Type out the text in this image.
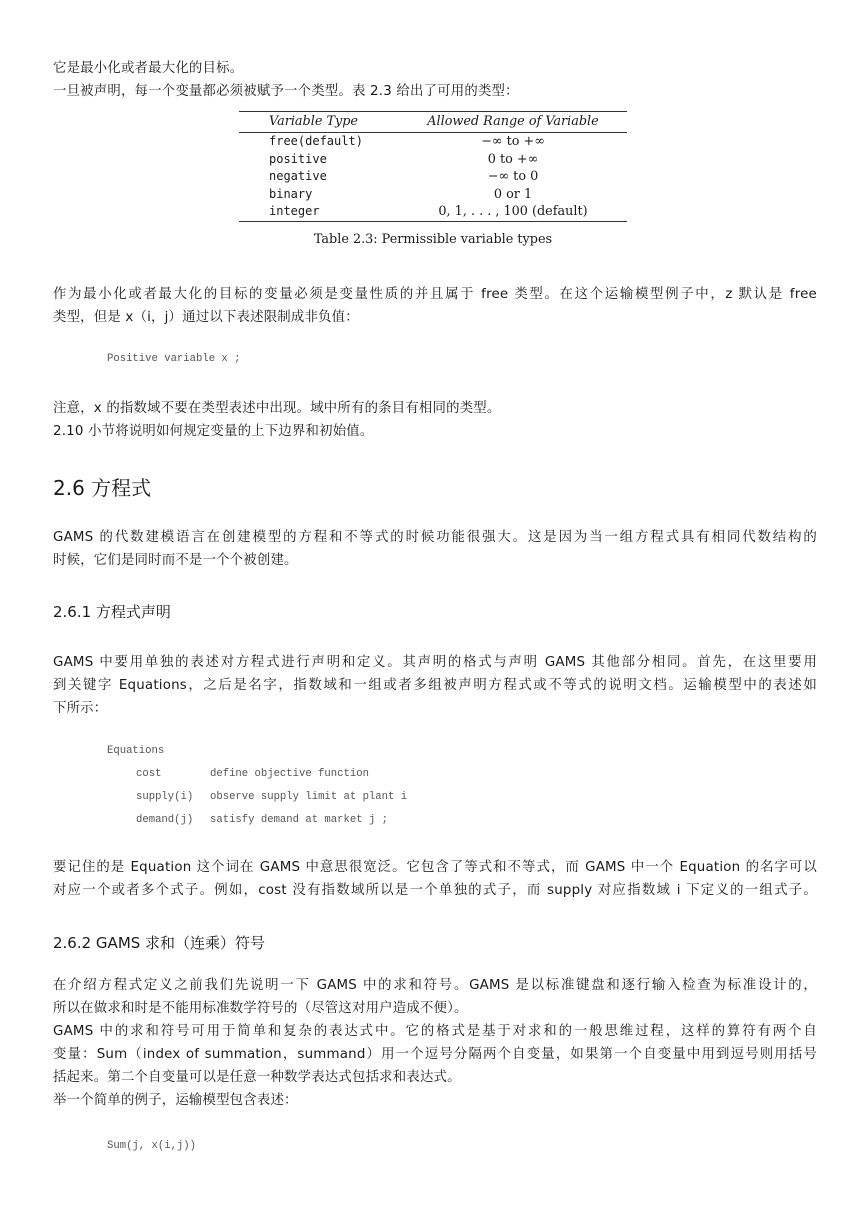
它是最小化或者最大化的目标。
一旦被声明，每一个变量都必须被赋予一个类型。表 2.3 给出了可用的类型：
Variable Type	Allowed Range of Variable
free(default)	−∞ to +∞
positive	0 to +∞
negative	−∞ to 0
binary	0 or 1
integer	0, 1, . . . , 100 (default)
Table 2.3: Permissible variable types
作为最小化或者最大化的目标的变量必须是变量性质的并且属于 free 类型。在这个运输模型例子中，z 默认是 free
类型，但是 x（i，j）通过以下表述限制成非负值：
Positive variable x ;
注意，x 的指数域不要在类型表述中出现。域中所有的条目有相同的类型。
2.10 小节将说明如何规定变量的上下边界和初始值。
2.6 方程式
GAMS 的代数建模语言在创建模型的方程和不等式的时候功能很强大。这是因为当一组方程式具有相同代数结构的
时候，它们是同时而不是一个个被创建。
2.6.1 方程式声明
GAMS 中要用单独的表述对方程式进行声明和定义。其声明的格式与声明 GAMS 其他部分相同。首先，在这里要用
到关键字 Equations，之后是名字，指数域和一组或者多组被声明方程式或不等式的说明文档。运输模型中的表述如
下所示：
Equations
cost	define objective function
supply(i) observe supply limit at plant i
demand(j) satisfy demand at market j ;
要记住的是 Equation 这个词在 GAMS 中意思很宽泛。它包含了等式和不等式，而 GAMS 中一个 Equation 的名字可以
对应一个或者多个式子。例如，cost 没有指数域所以是一个单独的式子，而 supply 对应指数域 i 下定义的一组式子。
2.6.2 GAMS 求和（连乘）符号
在介绍方程式定义之前我们先说明一下 GAMS 中的求和符号。GAMS 是以标准键盘和逐行输入检查为标准设计的，
所以在做求和时是不能用标准数学符号的（尽管这对用户造成不便）。
GAMS 中的求和符号可用于简单和复杂的表达式中。它的格式是基于对求和的一般思维过程，这样的算符有两个自
变量：Sum（index of summation，summand）用一个逗号分隔两个自变量，如果第一个自变量中用到逗号则用括号
括起来。第二个自变量可以是任意一种数学表达式包括求和表达式。
举一个简单的例子，运输模型包含表述：
Sum(j, x(i,j))
